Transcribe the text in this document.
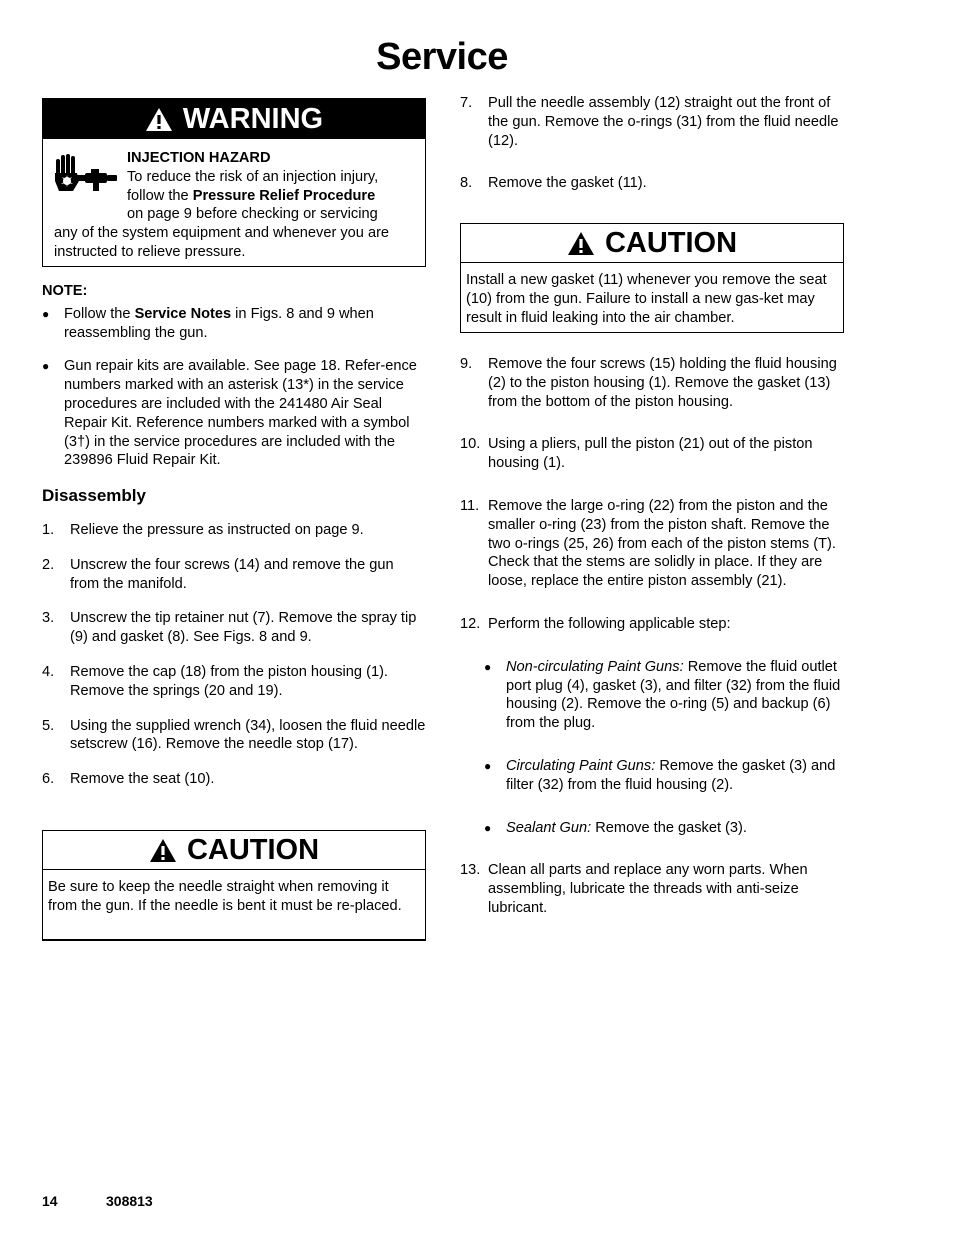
Service
WARNING
INJECTION HAZARD
To reduce the risk of an injection injury,
follow the Pressure Relief Procedure
on page 9 before checking or servicing
any of the system equipment and whenever you are instructed to relieve pressure.

NOTE:

●	Follow the Service Notes in Figs. 8 and 9 when reassembling the gun.
●	Gun repair kits are available. See page 18. Refer-ence numbers marked with an asterisk (13*) in the service procedures are included with the 241480 Air Seal Repair Kit. Reference numbers marked with a symbol (3†) in the service procedures are included with the 239896 Fluid Repair Kit.

Disassembly

1.	Relieve the pressure as instructed on page 9.
2.	Unscrew the four screws (14) and remove the gun from the manifold.
3.	Unscrew the tip retainer nut (7). Remove the spray tip (9) and gasket (8). See Figs. 8 and 9.
4.	Remove the cap (18) from the piston housing (1). Remove the springs (20 and 19).
5.	Using the supplied wrench (34), loosen the fluid needle setscrew (16). Remove the needle stop (17).
6.	Remove the seat (10).
CAUTION
Be sure to keep the needle straight when removing it from the gun. If the needle is bent it must be re-placed.
7.	Pull the needle assembly (12) straight out the front of the gun. Remove the o-rings (31) from the fluid needle (12).
8.	Remove the gasket (11).
CAUTION
Install a new gasket (11) whenever you remove the seat (10) from the gun. Failure to install a new gas-ket may result in fluid leaking into the air chamber.
9.	Remove the four screws (15) holding the fluid housing (2) to the piston housing (1). Remove the gasket (13) from the bottom of the piston housing.
10. Using a pliers, pull the piston (21) out of the piston housing (1).
11. Remove the large o-ring (22) from the piston and the smaller o-ring (23) from the piston shaft. Remove the two o-rings (25, 26) from each of the piston stems (T). Check that the stems are solidly in place. If they are loose, replace the entire piston assembly (21).
12. Perform the following applicable step:
●	Non-circulating Paint Guns: Remove the fluid outlet port plug (4), gasket (3), and filter (32) from the fluid housing (2). Remove the o-ring (5) and backup (6) from the plug.
●	Circulating Paint Guns: Remove the gasket (3) and filter (32) from the fluid housing (2).
●	Sealant Gun: Remove the gasket (3).
13. Clean all parts and replace any worn parts. When assembling, lubricate the threads with anti-seize lubricant.
14	308813
